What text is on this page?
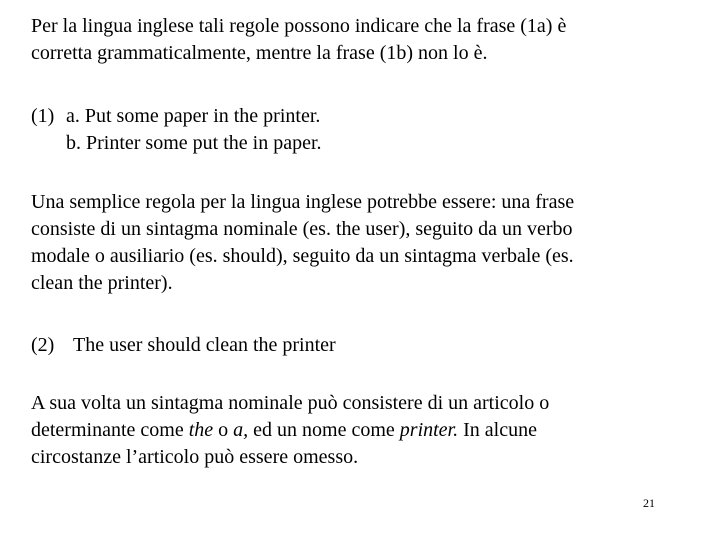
Per la lingua inglese tali regole possono indicare che la frase (1a) è
corretta grammaticalmente, mentre la frase (1b) non lo è.

(1) a. Put some paper in the printer.
b. Printer some put the in paper.

Una semplice regola per la lingua inglese potrebbe essere: una frase
consiste di un sintagma nominale (es. the user), seguito da un verbo
modale o ausiliario (es. should), seguito da un sintagma verbale (es.
clean the printer).

(2) The user should clean the printer

A sua volta un sintagma nominale può consistere di un articolo o
determinante come the o a, ed un nome come printer. In alcune
circostanze l’articolo può essere omesso.

21
